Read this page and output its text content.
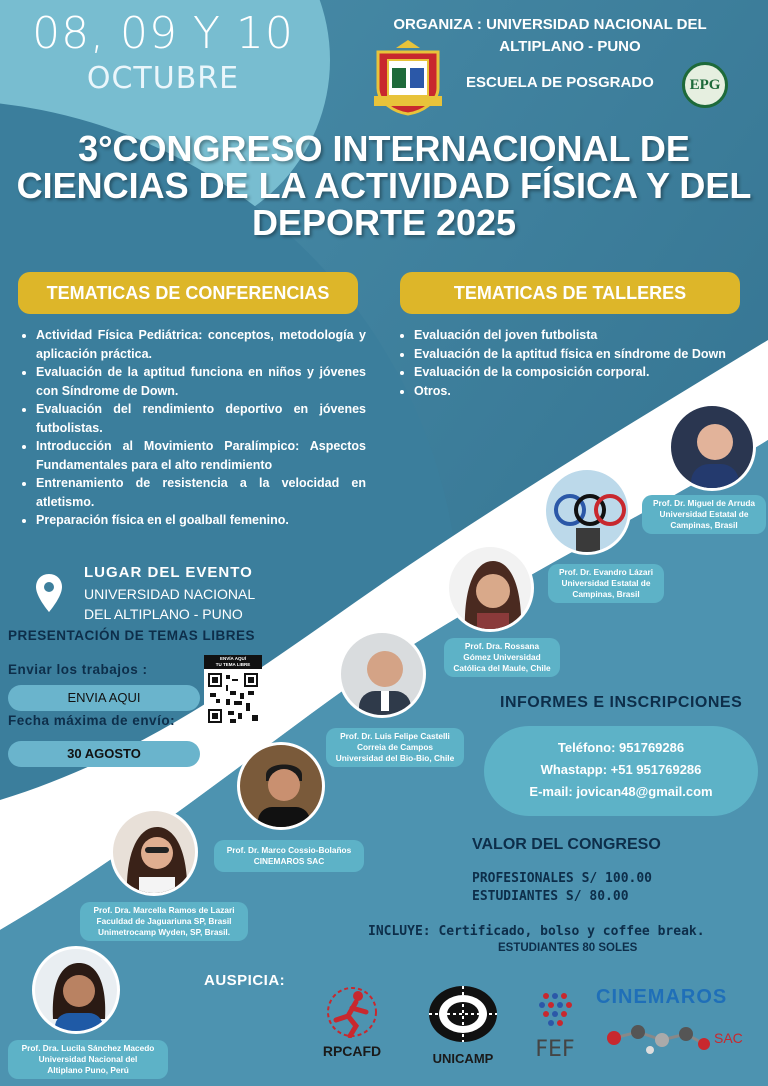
08, 09 Y 10
OCTUBRE
ORGANIZA : UNIVERSIDAD NACIONAL DEL
ALTIPLANO - PUNO
ESCUELA DE POSGRADO	EPG
3°CONGRESO INTERNACIONAL DE
CIENCIAS DE LA ACTIVIDAD FÍSICA Y DEL
DEPORTE 2025
TEMATICAS DE CONFERENCIAS	TEMATICAS DE TALLERES
• Actividad Física Pediátrica: conceptos, metodología y aplicación práctica.
• Evaluación de la aptitud funciona en niños y jóvenes con Síndrome de Down.
• Evaluación del rendimiento deportivo en jóvenes futbolistas.
• Introducción al Movimiento Paralímpico: Aspectos Fundamentales para el alto rendimiento
• Entrenamiento de resistencia a la velocidad en atletismo.
• Preparación física en el goalball femenino.
• Evaluación del joven futbolista
• Evaluación de la aptitud física en síndrome de Down
• Evaluación de la composición corporal.
• Otros.
LUGAR DEL EVENTO
UNIVERSIDAD NACIONAL
DEL ALTIPLANO - PUNO
PRESENTACIÓN DE TEMAS LIBRES
Enviar los trabajos :
ENVIA AQUI
Fecha máxima de envío:
30 AGOSTO
ENVÍA AQUÍ
TU TEMA LIBRE
Prof. Dr. Miguel de Arruda
Universidad Estatal de
Campinas, Brasil
Prof. Dr. Evandro Lázari
Universidad Estatal de
Campinas, Brasil
Prof. Dra. Rossana
Gómez Universidad
Católica del Maule, Chile
Prof. Dr. Luis Felipe Castelli
Correia de Campos
Universidad del Bio-Bio, Chile
Prof. Dr. Marco Cossio-Bolaños
CINEMAROS SAC
Prof. Dra. Marcella Ramos de Lazari
Faculdad de Jaguariuna SP, Brasil
Unimetrocamp Wyden, SP, Brasil.
Prof. Dra. Lucila Sánchez Macedo
Universidad Nacional del
Altiplano Puno, Perú
INFORMES E INSCRIPCIONES
Teléfono: 951769286
Whastapp: +51 951769286
E-mail: jovican48@gmail.com
VALOR DEL CONGRESO
PROFESIONALES S/ 100.00
ESTUDIANTES S/ 80.00
INCLUYE: Certificado, bolso y coffee break.
ESTUDIANTES 80 SOLES
AUSPICIA:
RPCAFD	UNICAMP	FEF
CINEMAROS
SAC
